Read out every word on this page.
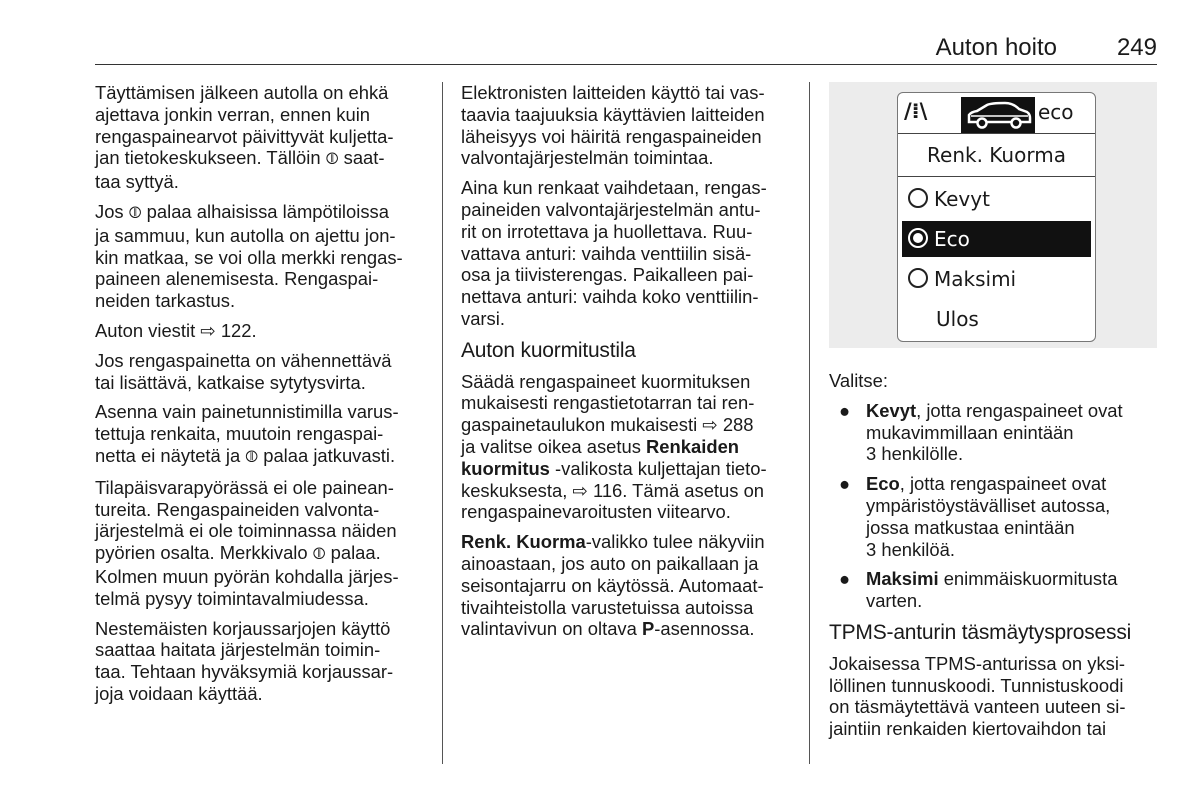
Auton hoito 249

Täyttämisen jälkeen autolla on ehkä
ajettava jonkin verran, ennen kuin
rengaspainearvot päivittyvät kuljetta-
jan tietokeskukseen. Tällöin ⦷ saat-
taa syttyä.

Jos ⦷ palaa alhaisissa lämpötiloissa
ja sammuu, kun autolla on ajettu jon-
kin matkaa, se voi olla merkki rengas-
paineen alenemisesta. Rengaspai-
neiden tarkastus.

Auton viestit ⇨ 122.

Jos rengaspainetta on vähennettävä
tai lisättävä, katkaise sytytysvirta.

Asenna vain painetunnistimilla varus-
tettuja renkaita, muutoin rengaspai-
netta ei näytetä ja ⦷ palaa jatkuvasti.

Tilapäisvarapyörässä ei ole painean-
tureita. Rengaspaineiden valvonta-
järjestelmä ei ole toiminnassa näiden
pyörien osalta. Merkkivalo ⦷ palaa.
Kolmen muun pyörän kohdalla järjes-
telmä pysyy toimintavalmiudessa.

Nestemäisten korjaussarjojen käyttö
saattaa haitata järjestelmän toimin-
taa. Tehtaan hyväksymiä korjaussar-
joja voidaan käyttää.

Elektronisten laitteiden käyttö tai vas-
taavia taajuuksia käyttävien laitteiden
läheisyys voi häiritä rengaspaineiden
valvontajärjestelmän toimintaa.

Aina kun renkaat vaihdetaan, rengas-
paineiden valvontajärjestelmän antu-
rit on irrotettava ja huollettava. Ruu-
vattava anturi: vaihda venttiilin sisä-
osa ja tiivisterengas. Paikalleen pai-
nettava anturi: vaihda koko venttiilin-
varsi.

Auton kuormitustila

Säädä rengaspaineet kuormituksen
mukaisesti rengastietotarran tai ren-
gaspainetaulukon mukaisesti ⇨ 288
ja valitse oikea asetus Renkaiden
kuormitus -valikosta kuljettajan tieto-
keskuksesta, ⇨ 116. Tämä asetus on
rengaspainevaroitusten viitearvo.

Renk. Kuorma-valikko tulee näkyviin
ainoastaan, jos auto on paikallaan ja
seisontajarru on käytössä. Automaat-
tivaihteistolla varustetuissa autoissa
valintavivun on oltava P-asennossa.

/⁞\	eco
Renk. Kuorma
Kevyt
Eco
Maksimi
Ulos

Valitse:

● Kevyt, jotta rengaspaineet ovat
mukavimmillaan enintään
3 henkilölle.
● Eco, jotta rengaspaineet ovat
ympäristöystävälliset autossa,
jossa matkustaa enintään
3 henkilöä.
● Maksimi enimmäiskuormitusta
varten.
TPMS-anturin täsmäytysprosessi

Jokaisessa TPMS-anturissa on yksi-
löllinen tunnuskoodi. Tunnistuskoodi
on täsmäytettävä vanteen uuteen si-
jaintiin renkaiden kiertovaihdon tai
